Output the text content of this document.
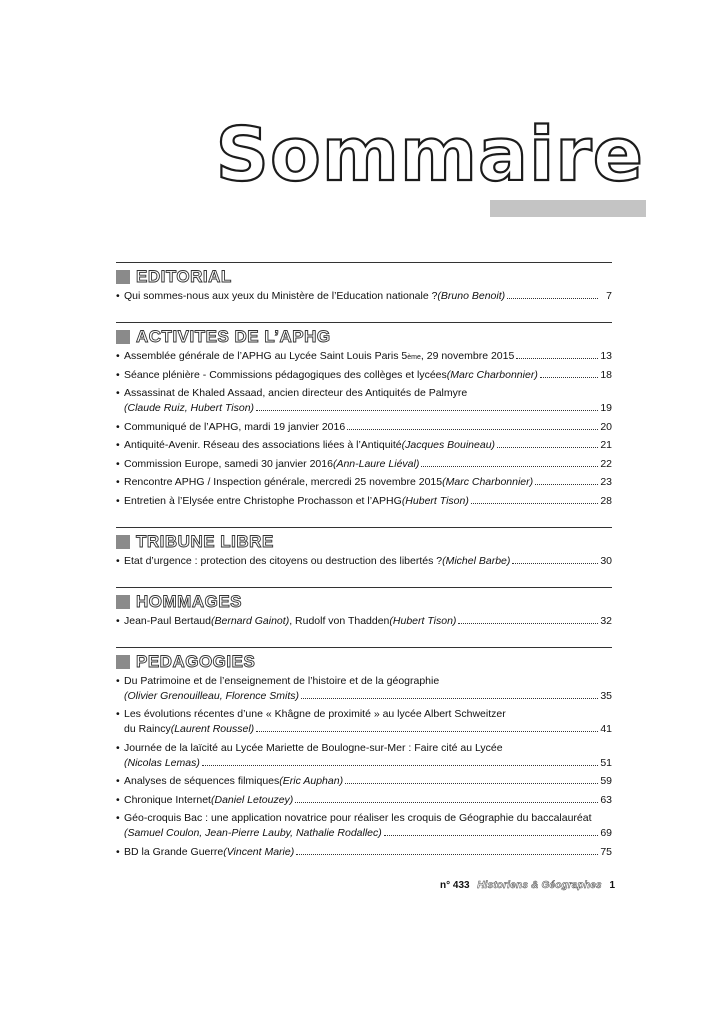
Sommaire
EDITORIAL
• Qui sommes-nous aux yeux du Ministère de l’Education nationale ? (Bruno Benoit)	7
ACTIVITES DE L’APHG
• Assemblée générale de l’APHG au Lycée Saint Louis Paris 5 ème , 29 novembre 2015	13
• Séance plénière - Commissions pédagogiques des collèges et lycées (Marc Charbonnier)	18
• Assassinat de Khaled Assaad, ancien directeur des Antiquités de Palmyre
(Claude Ruiz, Hubert Tison)	19
• Communiqué de l’APHG, mardi 19 janvier 2016	20
• Antiquité-Avenir. Réseau des associations liées à l’Antiquité (Jacques Bouineau)	21
• Commission Europe, samedi 30 janvier 2016 (Ann-Laure Liéval)	22
• Rencontre APHG / Inspection générale, mercredi 25 novembre 2015 (Marc Charbonnier)	23
• Entretien à l’Elysée entre Christophe Prochasson et l’APHG (Hubert Tison)	28
TRIBUNE LIBRE
• Etat d’urgence : protection des citoyens ou destruction des libertés ? (Michel Barbe)	30
HOMMAGES
• Jean-Paul Bertaud (Bernard Gainot) , Rudolf von Thadden (Hubert Tison)	32
PEDAGOGIES
• Du Patrimoine et de l’enseignement de l’histoire et de la géographie
(Olivier Grenouilleau, Florence Smits)	35
• Les évolutions récentes d’une « Khâgne de proximité » au lycée Albert Schweitzer
du Raincy (Laurent Roussel)	41
• Journée de la laïcité au Lycée Mariette de Boulogne-sur-Mer : Faire cité au Lycée
(Nicolas Lemas)	51
• Analyses de séquences filmiques (Eric Auphan)	59
• Chronique Internet (Daniel Letouzey)	63
• Géo-croquis Bac : une application novatrice pour réaliser les croquis de Géographie du baccalauréat
(Samuel Coulon, Jean-Pierre Lauby, Nathalie Rodallec)	69
• BD la Grande Guerre (Vincent Marie)	75
n° 433 Historiens & Géographes 1
